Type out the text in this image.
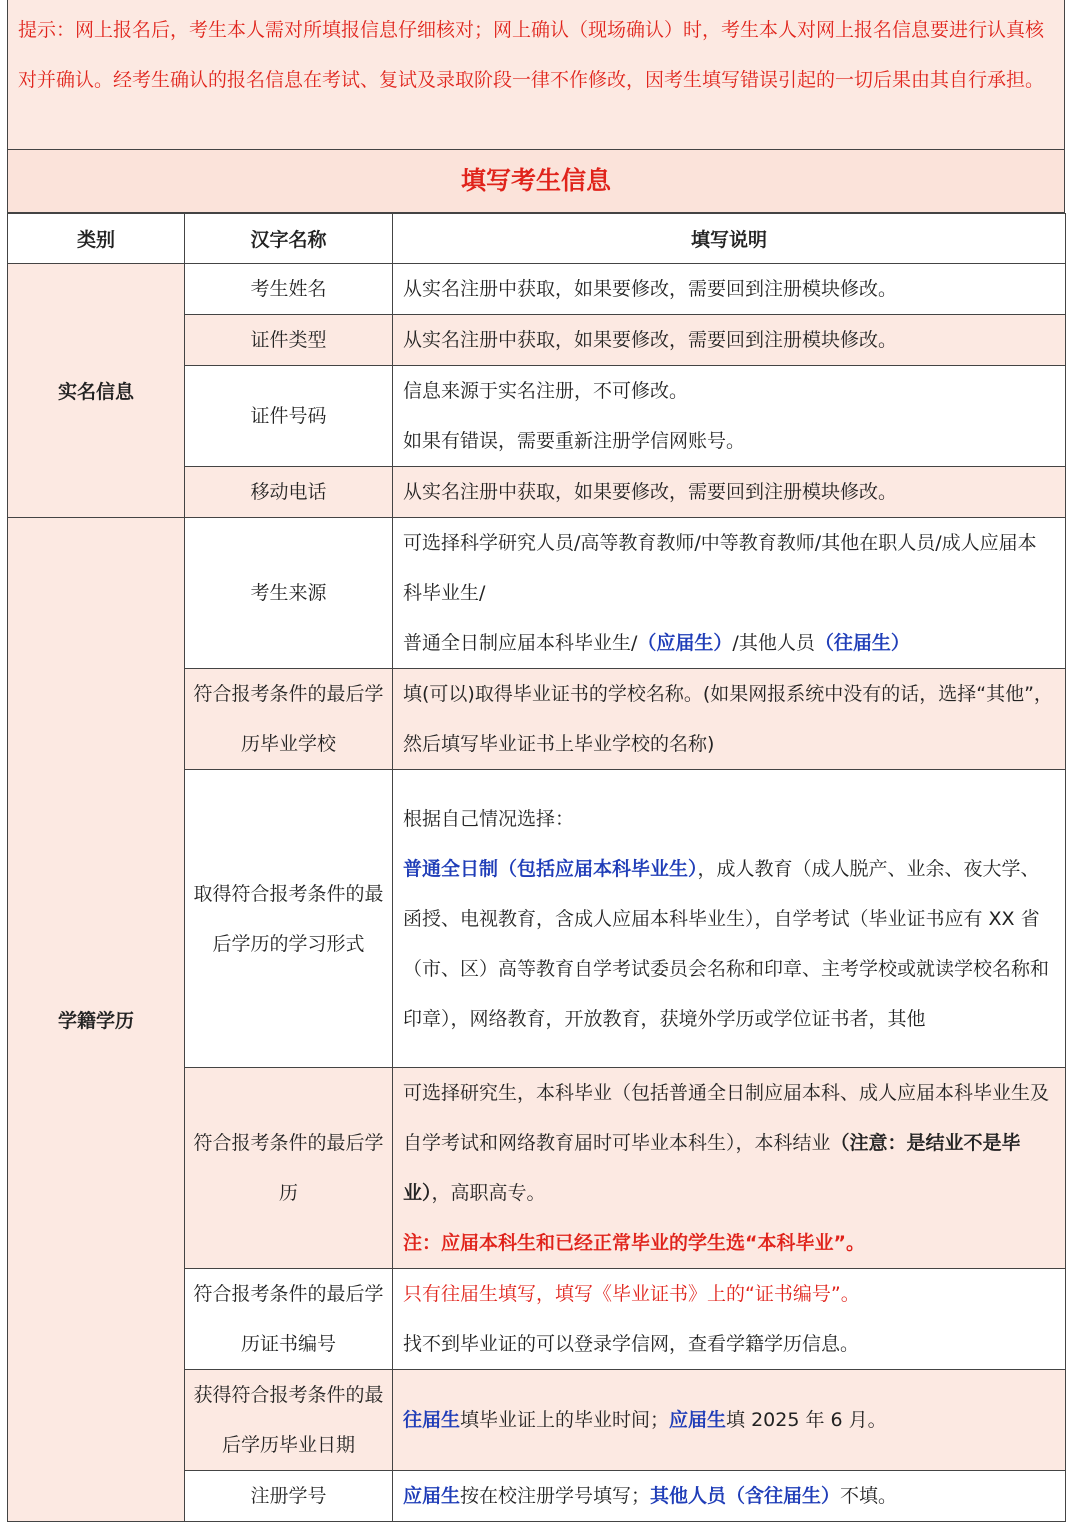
提示：网上报名后，考生本人需对所填报信息仔细核对；网上确认（现场确认）时，考生本人对网上报名信息要进行认真核对并确认。经考生确认的报名信息在考试、复试及录取阶段一律不作修改，因考生填写错误引起的一切后果由其自行承担。

填写考生信息
类别	汉字名称	填写说明
实名信息	考生姓名	从实名注册中获取，如果要修改，需要回到注册模块修改。
	证件类型	从实名注册中获取，如果要修改，需要回到注册模块修改。
	证件号码	信息来源于实名注册，不可修改。
如果有错误，需要重新注册学信网账号。

	移动电话	从实名注册中获取，如果要修改，需要回到注册模块修改。
学籍学历	考生来源	可选择科学研究人员/高等教育教师/中等教育教师/其他在职人员/成人应届本科毕业生/
普通全日制应届本科毕业生/（应届生）/其他人员（往届生）
	符合报考条件的最后学历毕业学校	填(可以)取得毕业证书的学校名称。(如果网报系统中没有的话，选择“其他”，然后填写毕业证书上毕业学校的名称)
	取得符合报考条件的最后学历的学习形式	根据自己情况选择：
普通全日制（包括应届本科毕业生），成人教育（成人脱产、业余、夜大学、函授、电视教育，含成人应届本科毕业生），自学考试（毕业证书应有 XX 省（市、区）高等教育自学考试委员会名称和印章、主考学校或就读学校名称和印章），网络教育，开放教育，获境外学历或学位证书者，其他
	符合报考条件的最后学历	可选择研究生，本科毕业（包括普通全日制应届本科、成人应届本科毕业生及自学考试和网络教育届时可毕业本科生），本科结业（注意：是结业不是毕业），高职高专。
注：应届本科生和已经正常毕业的学生选“本科毕业”。

	符合报考条件的最后学历证书编号	只有往届生填写，填写《毕业证书》上的“证书编号”。
找不到毕业证的可以登录学信网，查看学籍学历信息。

	获得符合报考条件的最后学历毕业日期	往届生填毕业证上的毕业时间；应届生填 2025 年 6 月。
	注册学号	应届生按在校注册学号填写；其他人员（含往届生）不填。
